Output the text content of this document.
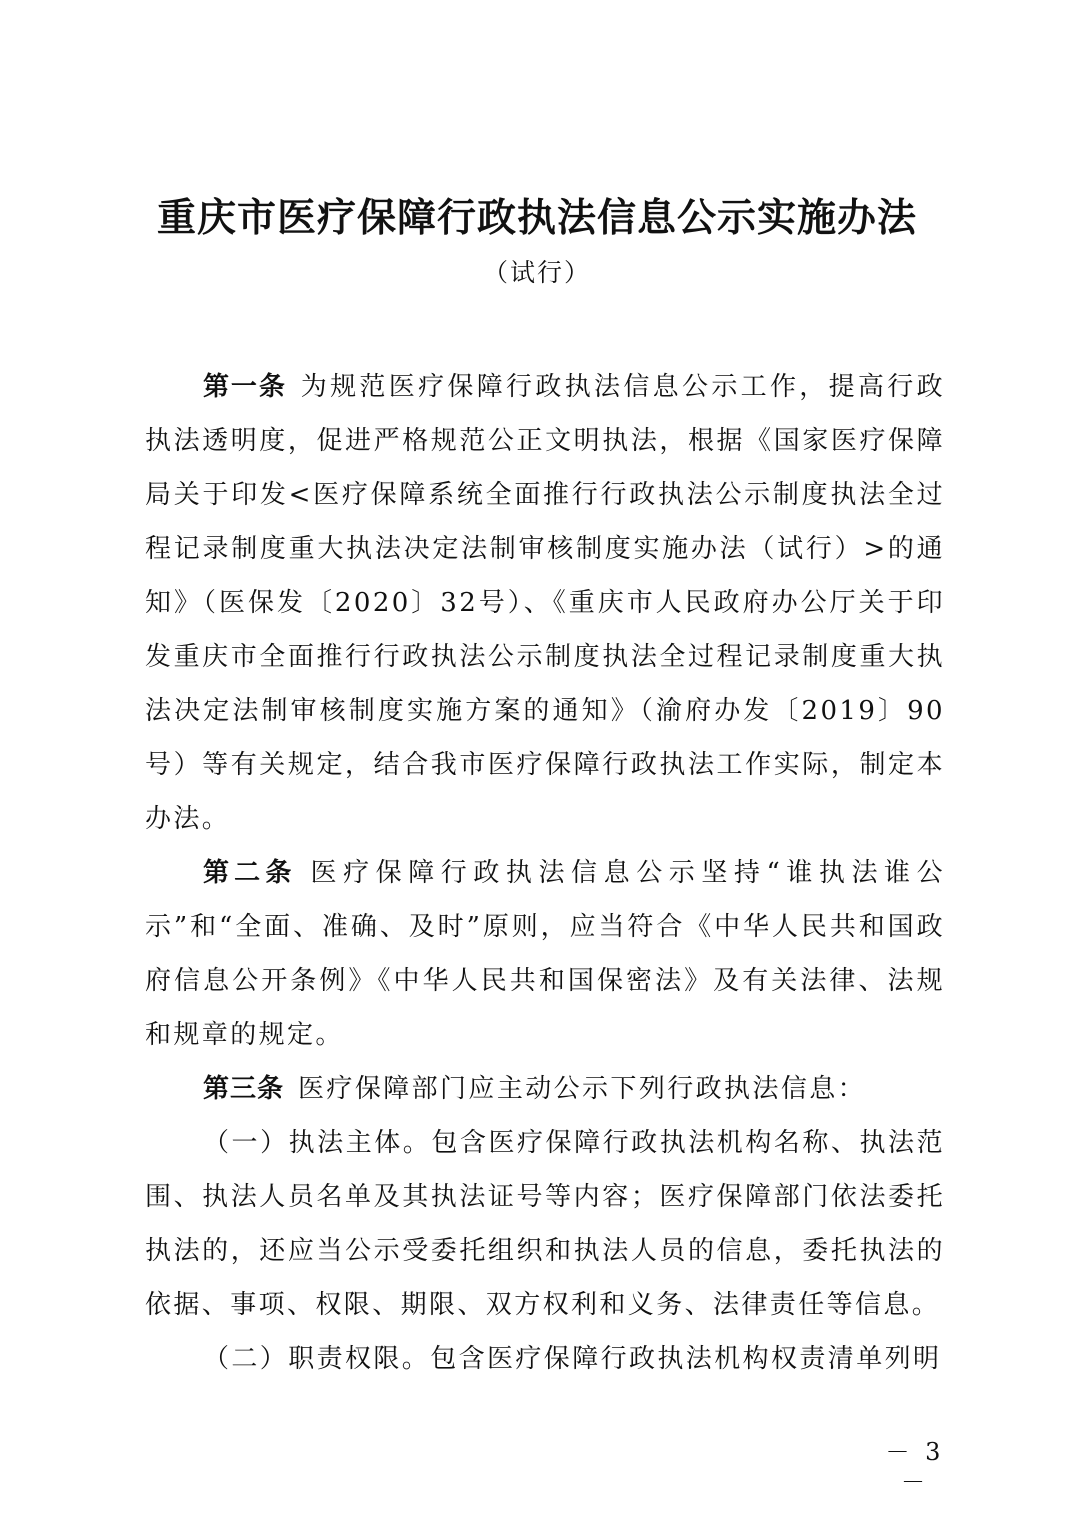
重庆市医疗保障行政执法信息公示实施办法
（试行）

第一条 为规范医疗保障行政执法信息公示工作，提高行政执法透明度，促进严格规范公正文明执法，根据《国家医疗保障局关于印发<医疗保障系统全面推行行政执法公示制度执法全过程记录制度重大执法决定法制审核制度实施办法（试行）>的通知》（医保发〔2020〕32号）、《重庆市人民政府办公厅关于印发重庆市全面推行行政执法公示制度执法全过程记录制度重大执法决定法制审核制度实施方案的通知》（渝府办发〔2019〕90号）等有关规定，结合我市医疗保障行政执法工作实际，制定本办法。

第二条 医疗保障行政执法信息公示坚持“谁执法谁公示”和“全面、准确、及时”原则，应当符合《中华人民共和国政府信息公开条例》《中华人民共和国保密法》及有关法律、法规和规章的规定。

第三条 医疗保障部门应主动公示下列行政执法信息：

（一）执法主体。包含医疗保障行政执法机构名称、执法范围、执法人员名单及其执法证号等内容；医疗保障部门依法委托执法的，还应当公示受委托组织和执法人员的信息，委托执法的依据、事项、权限、期限、双方权利和义务、法律责任等信息。

（二）职责权限。包含医疗保障行政执法机构权责清单列明

－ 3 －
